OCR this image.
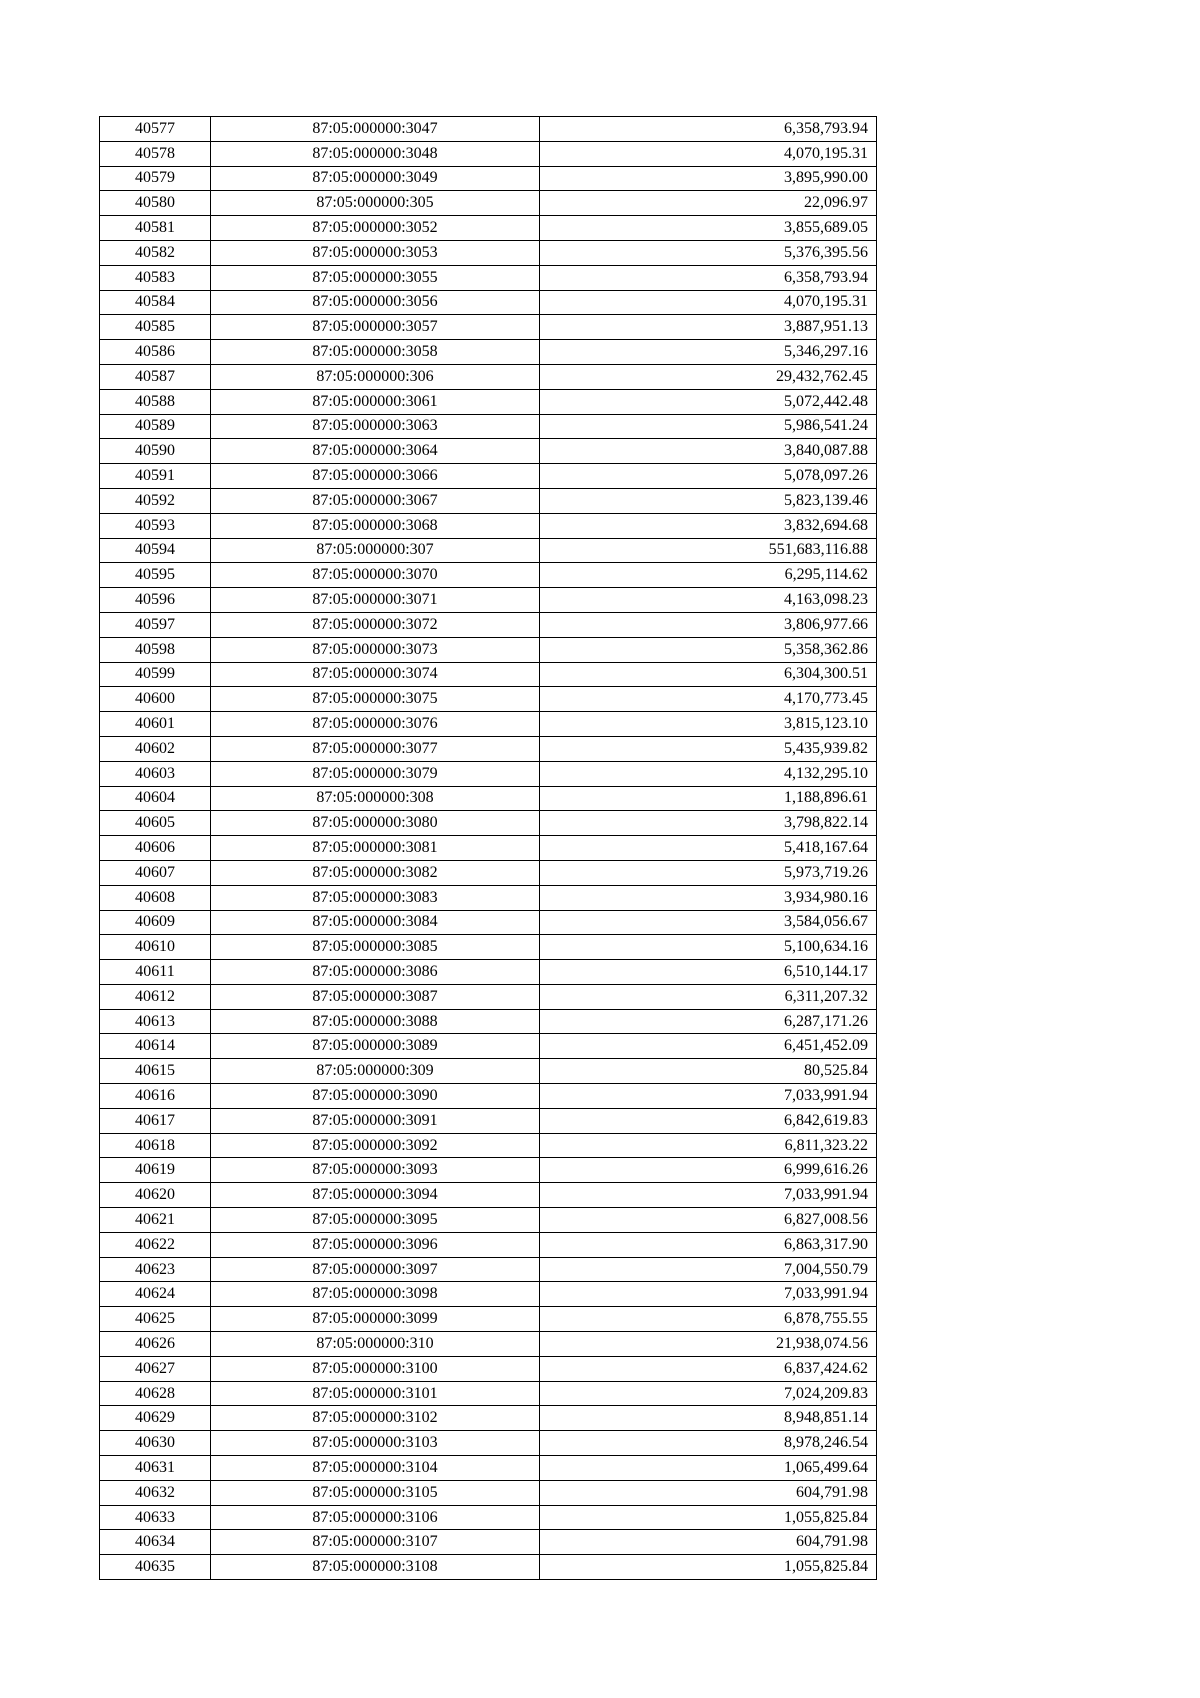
40577	87:05:000000:3047	6,358,793.94
40578	87:05:000000:3048	4,070,195.31
40579	87:05:000000:3049	3,895,990.00
40580	87:05:000000:305	22,096.97
40581	87:05:000000:3052	3,855,689.05
40582	87:05:000000:3053	5,376,395.56
40583	87:05:000000:3055	6,358,793.94
40584	87:05:000000:3056	4,070,195.31
40585	87:05:000000:3057	3,887,951.13
40586	87:05:000000:3058	5,346,297.16
40587	87:05:000000:306	29,432,762.45
40588	87:05:000000:3061	5,072,442.48
40589	87:05:000000:3063	5,986,541.24
40590	87:05:000000:3064	3,840,087.88
40591	87:05:000000:3066	5,078,097.26
40592	87:05:000000:3067	5,823,139.46
40593	87:05:000000:3068	3,832,694.68
40594	87:05:000000:307	551,683,116.88
40595	87:05:000000:3070	6,295,114.62
40596	87:05:000000:3071	4,163,098.23
40597	87:05:000000:3072	3,806,977.66
40598	87:05:000000:3073	5,358,362.86
40599	87:05:000000:3074	6,304,300.51
40600	87:05:000000:3075	4,170,773.45
40601	87:05:000000:3076	3,815,123.10
40602	87:05:000000:3077	5,435,939.82
40603	87:05:000000:3079	4,132,295.10
40604	87:05:000000:308	1,188,896.61
40605	87:05:000000:3080	3,798,822.14
40606	87:05:000000:3081	5,418,167.64
40607	87:05:000000:3082	5,973,719.26
40608	87:05:000000:3083	3,934,980.16
40609	87:05:000000:3084	3,584,056.67
40610	87:05:000000:3085	5,100,634.16
40611	87:05:000000:3086	6,510,144.17
40612	87:05:000000:3087	6,311,207.32
40613	87:05:000000:3088	6,287,171.26
40614	87:05:000000:3089	6,451,452.09
40615	87:05:000000:309	80,525.84
40616	87:05:000000:3090	7,033,991.94
40617	87:05:000000:3091	6,842,619.83
40618	87:05:000000:3092	6,811,323.22
40619	87:05:000000:3093	6,999,616.26
40620	87:05:000000:3094	7,033,991.94
40621	87:05:000000:3095	6,827,008.56
40622	87:05:000000:3096	6,863,317.90
40623	87:05:000000:3097	7,004,550.79
40624	87:05:000000:3098	7,033,991.94
40625	87:05:000000:3099	6,878,755.55
40626	87:05:000000:310	21,938,074.56
40627	87:05:000000:3100	6,837,424.62
40628	87:05:000000:3101	7,024,209.83
40629	87:05:000000:3102	8,948,851.14
40630	87:05:000000:3103	8,978,246.54
40631	87:05:000000:3104	1,065,499.64
40632	87:05:000000:3105	604,791.98
40633	87:05:000000:3106	1,055,825.84
40634	87:05:000000:3107	604,791.98
40635	87:05:000000:3108	1,055,825.84
